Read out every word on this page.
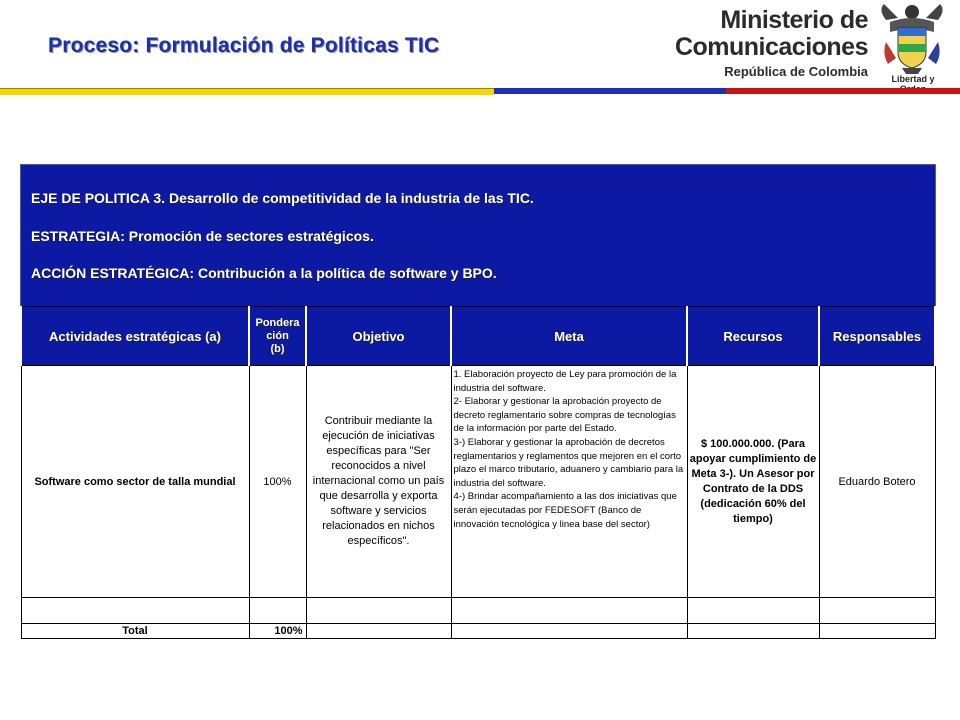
Proceso: Formulación de Políticas TIC
Ministerio de
Comunicaciones
República de Colombia	Libertad y
EJE DE POLITICA 3. Desarrollo de competitividad de la industria de las TIC.
ESTRATEGIA: Promoción de sectores estratégicos.
ACCIÓN ESTRATÉGICA: Contribución a la política de software y BPO.
Actividades estratégicas (a)	Pondera
ción
(b)	Objetivo	Meta	Recursos	Responsables
Software como sector de talla mundial	100%	Contribuir mediante la ejecución de iniciativas específicas para "Ser reconocidos a nivel internacional como un país que desarrolla y exporta software y servicios relacionados en nichos específicos".	1. Elaboración proyecto de Ley para promoción de la industria del software.
2- Elaborar y gestionar la aprobación proyecto de decreto reglamentario sobre compras de tecnologías de la información por parte del Estado.
3-) Elaborar y gestionar la aprobación de decretos reglamentarios y reglamentos que mejoren en el corto plazo el marco tributario, aduanero y cambiario para la industria del software.
4-) Brindar acompañamiento a las dos iniciativas que serán ejecutadas por FEDESOFT (Banco de innovación tecnológica y linea base del sector)	$ 100.000.000. (Para apoyar cumplimiento de Meta 3-). Un Asesor por Contrato de la DDS (dedicación 60% del tiempo)	Eduardo Botero

Total	100%				
